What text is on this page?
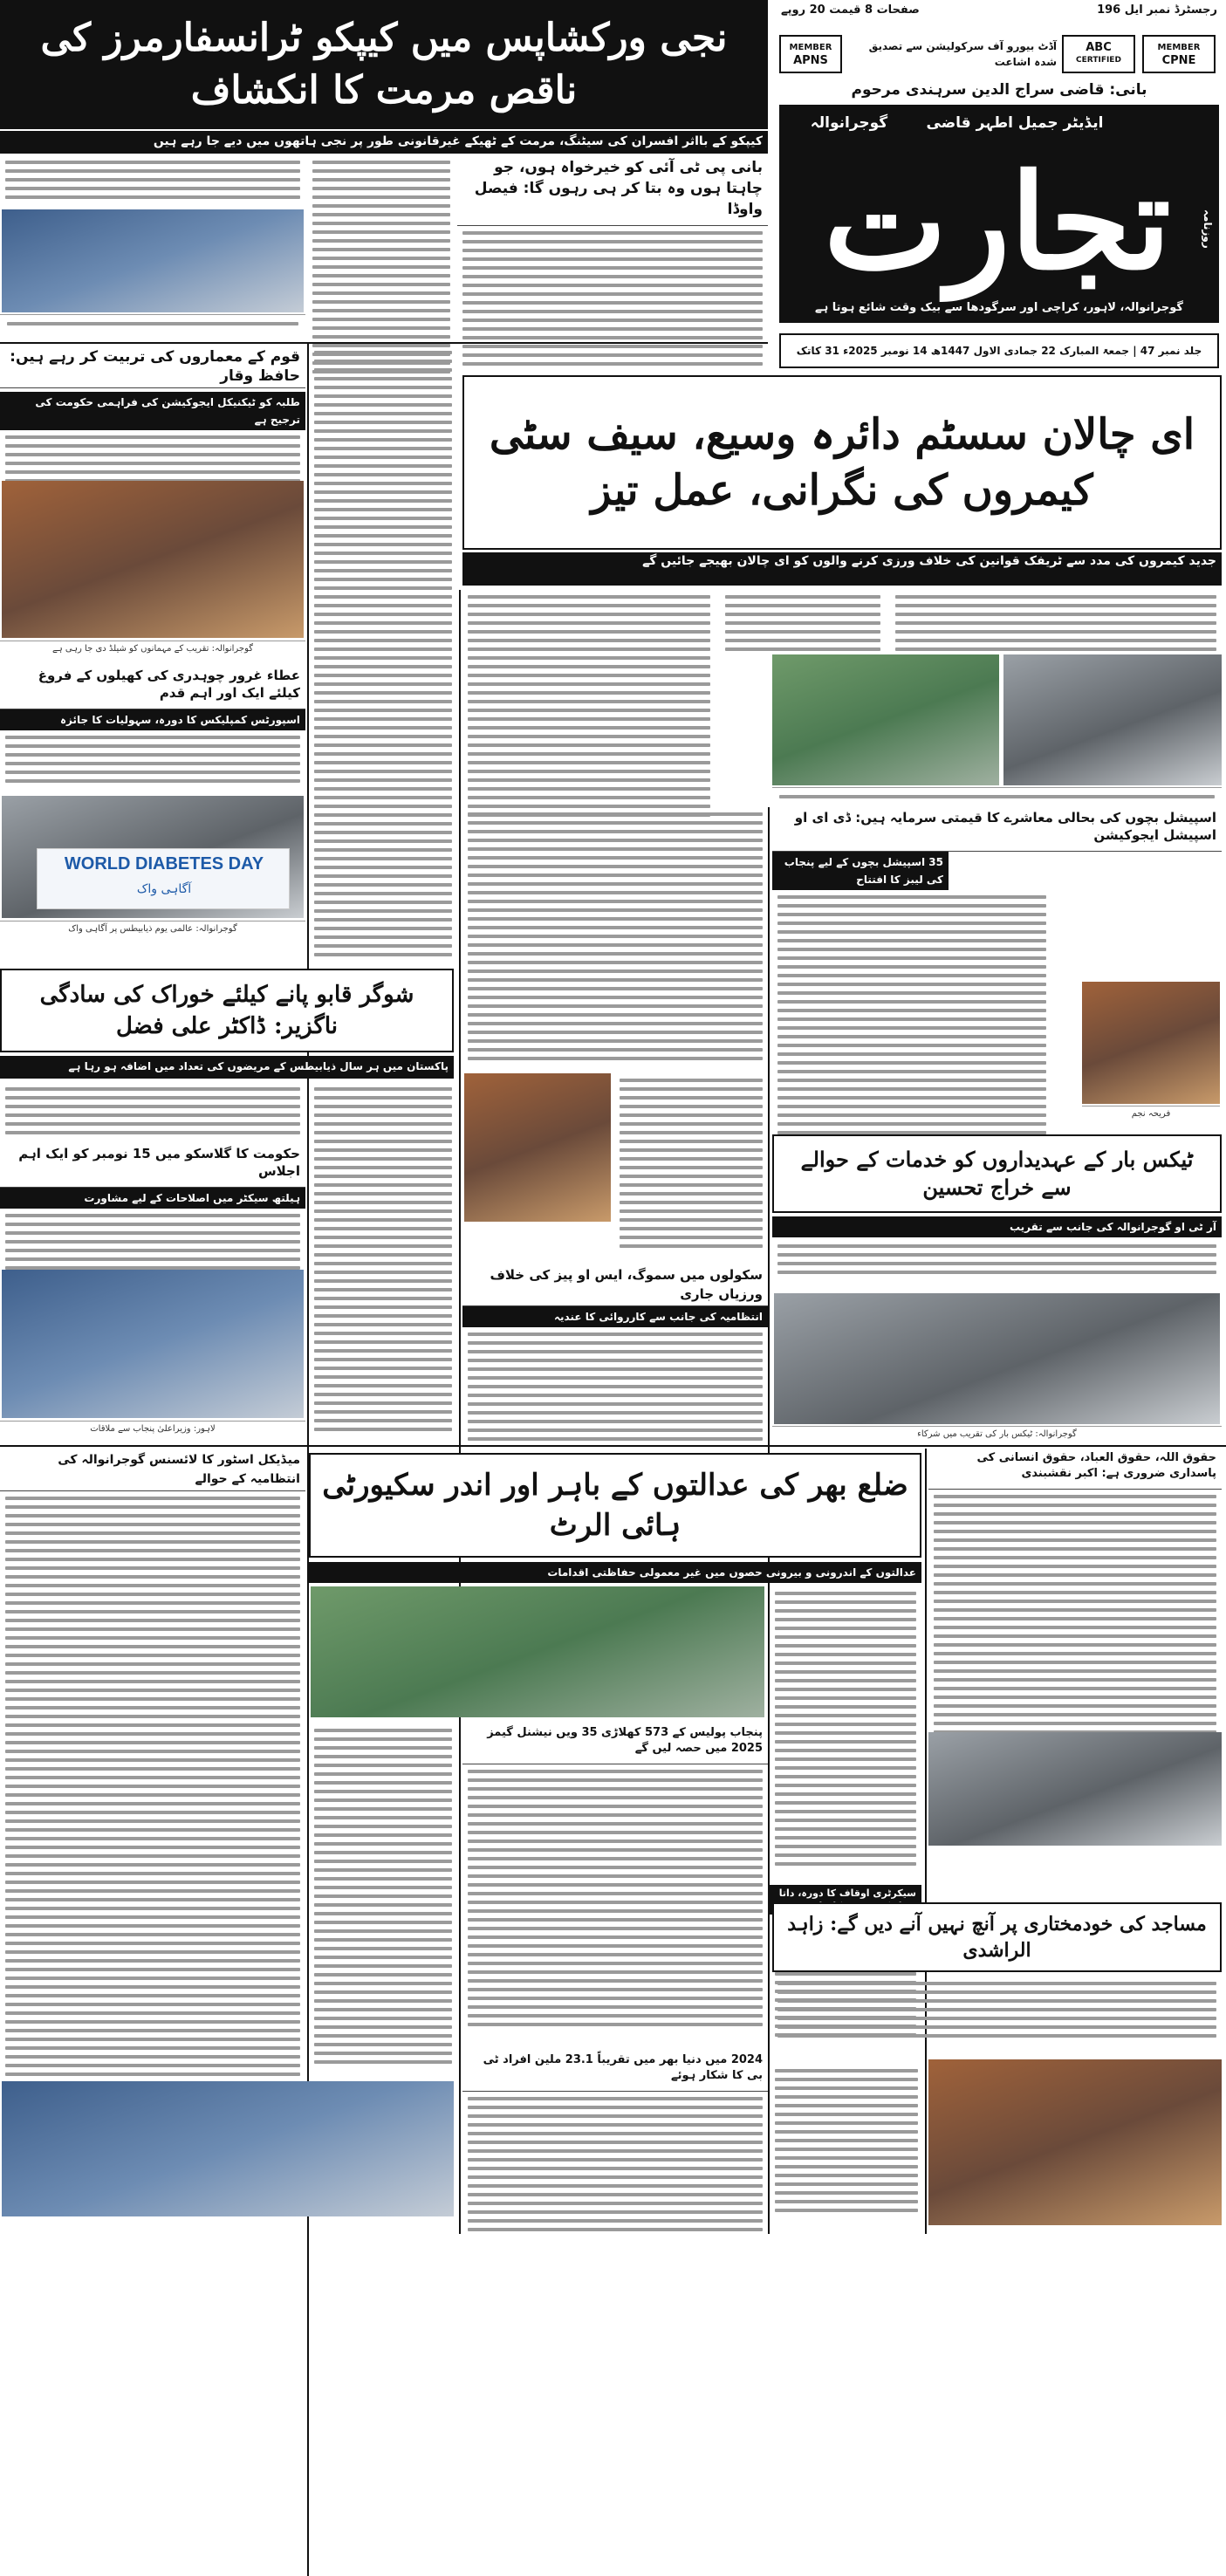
رجسٹرڈ نمبر ایل 196
صفحات 8 قیمت 20 روپے
MEMBER
APNS
آڈٹ بیورو آف سرکولیشن سے تصدیق شدہ اشاعت
ABC
CERTIFIED
MEMBER
CPNE
بانی: قاضی سراج الدین سرہندی مرحوم
ایڈیٹر جمیل اطہر قاضی
گوجرانوالہ
تجارت	روزنامہ
گوجرانوالہ، لاہور، کراچی اور سرگودھا سے بیک وقت شائع ہوتا ہے
جلد نمبر 47 | جمعۃ المبارک 22 جمادی الاول 1447ھ 14 نومبر 2025ء 31 کاتک
نجی ورکشاپس میں کیپکو ٹرانسفارمرز کی ناقص مرمت کا انکشاف
کیپکو کے بااثر افسران کی سیٹنگ، مرمت کے ٹھیکے غیرقانونی طور پر نجی ہاتھوں میں دیے جا رہے ہیں
بانی پی ٹی آئی کو خیرخواہ ہوں، جو چاہتا ہوں وہ بتا کر ہی رہوں گا: فیصل واوڈا
ای چالان سسٹم دائرہ وسیع، سیف سٹی کیمروں کی نگرانی، عمل تیز
جدید کیمروں کی مدد سے ٹریفک قوانین کی خلاف ورزی کرنے والوں کو ای چالان بھیجے جائیں گے
قوم کے معماروں کی تربیت کر رہے ہیں: حافظ وقار
طلبہ کو ٹیکنیکل ایجوکیشن کی فراہمی حکومت کی ترجیح ہے
گوجرانوالہ: تقریب کے مہمانوں کو شیلڈ دی جا رہی ہے
عطاء غرور چوہدری کی کھیلوں کے فروغ کیلئے ایک اور اہم قدم
اسپورٹس کمپلیکس کا دورہ، سہولیات کا جائزہ
WORLD DIABETES DAY
آگاہی واک
گوجرانوالہ: عالمی یوم ذیابیطس پر آگاہی واک
شوگر قابو پانے کیلئے خوراک کی سادگی ناگزیر: ڈاکٹر علی فضل
پاکستان میں ہر سال ذیابیطس کے مریضوں کی تعداد میں اضافہ ہو رہا ہے
حکومت کا گلاسکو میں 15 نومبر کو ایک اہم اجلاس
ہیلتھ سیکٹر میں اصلاحات کے لیے مشاورت
لاہور: وزیراعلیٰ پنجاب سے ملاقات
سکولوں میں سموگ، ایس او پیز کی خلاف ورزیاں جاری
انتظامیہ کی جانب سے کارروائی کا عندیہ
اسپیشل بچوں کی بحالی معاشرے کا قیمتی سرمایہ ہیں: ڈی ای او اسپیشل ایجوکیشن
35 اسپیشل بچوں کے لیے پنجاب کی لیبز کا افتتاح
فریحہ نجم
ٹیکس بار کے عہدیداروں کو خدمات کے حوالے سے خراج تحسین
آر ٹی او گوجرانوالہ کی جانب سے تقریب
گوجرانوالہ: ٹیکس بار کی تقریب میں شرکاء
میڈیکل اسٹور کا لائسنس گوجرانوالہ کی انتظامیہ کے حوالے ضلع بھر کی عدالتوں کے باہر اور اندر سکیورٹی ہائی الرٹ
عدالتوں کے اندرونی و بیرونی حصوں میں غیر معمولی حفاظتی اقدامات
پنجاب پولیس کے 573 کھلاڑی 35 ویں نیشنل گیمز 2025 میں حصہ لیں گے
2024 میں دنیا بھر میں تقریباً 23.1 ملین افراد ٹی بی کا شکار ہوئے
حقوق اللہ، حقوق العباد، حقوق انسانی کی پاسداری ضروری ہے: اکبر نقشبندی
سیکرٹری اوقاف کا دورہ، داتا
مساجد کی خودمختاری پر آنچ نہیں آنے دیں گے: زاہد الراشدی
